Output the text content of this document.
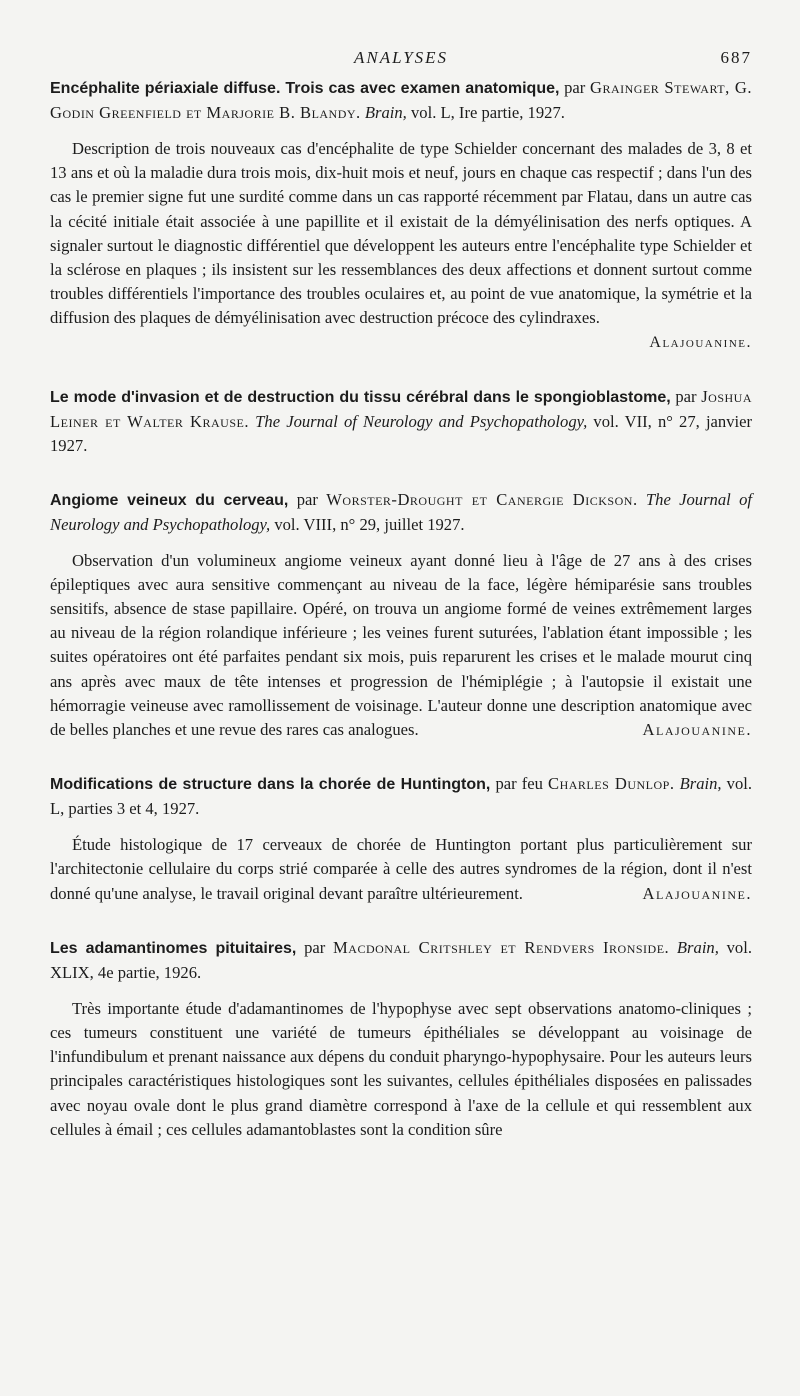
ANALYSES	687
Encéphalite périaxiale diffuse. Trois cas avec examen anatomique, par Grainger Stewart, G. Godin Greenfield et Marjorie B. Blandy. Brain, vol. L, Ire partie, 1927.

Description de trois nouveaux cas d'encéphalite de type Schielder concernant des malades de 3, 8 et 13 ans et où la maladie dura trois mois, dix-huit mois et neuf, jours en chaque cas respectif ; dans l'un des cas le premier signe fut une surdité comme dans un cas rapporté récemment par Flatau, dans un autre cas la cécité initiale était associée à une papillite et il existait de la démyélinisation des nerfs optiques. A signaler surtout le diagnostic différentiel que développent les auteurs entre l'encéphalite type Schielder et la sclérose en plaques ; ils insistent sur les ressemblances des deux affections et donnent surtout comme troubles différentiels l'importance des troubles oculaires et, au point de vue anatomique, la symétrie et la diffusion des plaques de démyélinisation avec destruction précoce des cylindraxes.

Alajouanine.
Le mode d'invasion et de destruction du tissu cérébral dans le spongioblastome, par Joshua Leiner et Walter Krause. The Journal of Neurology and Psychopathology, vol. VII, n° 27, janvier 1927.
Angiome veineux du cerveau, par Worster-Drought et Canergie Dickson. The Journal of Neurology and Psychopathology, vol. VIII, n° 29, juillet 1927.

Observation d'un volumineux angiome veineux ayant donné lieu à l'âge de 27 ans à des crises épileptiques avec aura sensitive commençant au niveau de la face, légère hémiparésie sans troubles sensitifs, absence de stase papillaire. Opéré, on trouva un angiome formé de veines extrêmement larges au niveau de la région rolandique inférieure ; les veines furent suturées, l'ablation étant impossible ; les suites opératoires ont été parfaites pendant six mois, puis reparurent les crises et le malade mourut cinq ans après avec maux de tête intenses et progression de l'hémiplégie ; à l'autopsie il existait une hémorragie veineuse avec ramollissement de voisinage. L'auteur donne une description anatomique avec de belles planches et une revue des rares cas analogues.	Alajouanine.

Modifications de structure dans la chorée de Huntington, par feu Charles Dunlop. Brain, vol. L, parties 3 et 4, 1927.

Étude histologique de 17 cerveaux de chorée de Huntington portant plus particulièrement sur l'architectonie cellulaire du corps strié comparée à celle des autres syndromes de la région, dont il n'est donné qu'une analyse, le travail original devant paraître ultérieurement.	Alajouanine.

Les adamantinomes pituitaires, par Macdonal Critshley et Rendvers Ironside. Brain, vol. XLIX, 4e partie, 1926.

Très importante étude d'adamantinomes de l'hypophyse avec sept observations anatomo-cliniques ; ces tumeurs constituent une variété de tumeurs épithéliales se développant au voisinage de l'infundibulum et prenant naissance aux dépens du conduit pharyngo-hypophysaire. Pour les auteurs leurs principales caractéristiques histologiques sont les suivantes, cellules épithéliales disposées en palissades avec noyau ovale dont le plus grand diamètre correspond à l'axe de la cellule et qui ressemblent aux cellules à émail ; ces cellules adamantoblastes sont la condition sûre
